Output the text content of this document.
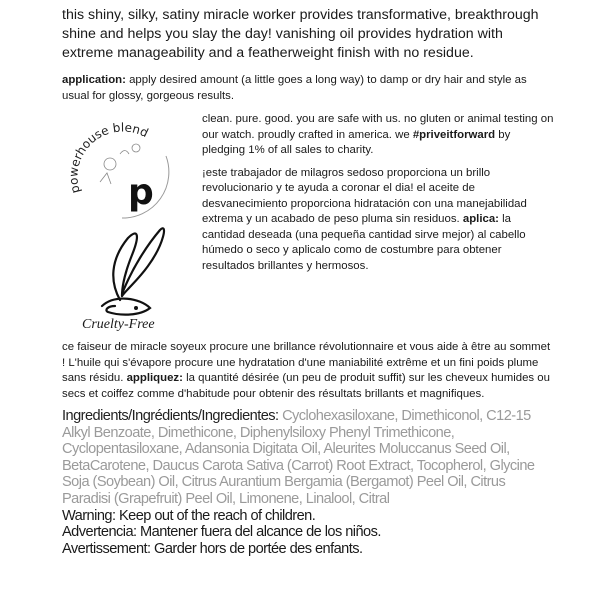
this shiny, silky, satiny miracle worker provides transformative, breakthrough shine and helps you slay the day! vanishing oil provides hydration with extreme manageability and a featherweight finish with no residue.

application: apply desired amount (a little goes a long way) to damp or dry hair and style as usual for glossy, gorgeous results.

powerhouse blend
p
Cruelty-Free

clean. pure. good. you are safe with us. no gluten or animal testing on our watch. proudly crafted in america. we #priveitforward by pledging 1% of all sales to charity.

¡este trabajador de milagros sedoso proporciona un brillo revolucionario y te ayuda a coronar el dia! el aceite de desvanecimiento proporciona hidratación con una manejabilidad extrema y un acabado de peso pluma sin residuos. aplica: la cantidad deseada (una pequeña cantidad sirve mejor) al cabello húmedo o seco y aplicalo como de costumbre para obtener resultados brillantes y hermosos.

ce faiseur de miracle soyeux procure une brillance révolutionnaire et vous aide à être au sommet ! L'huile qui s'évapore procure une hydratation d'une maniabilité extrême et un fini poids plume sans résidu. appliquez: la quantité désirée (un peu de produit suffit) sur les cheveux humides ou secs et coiffez comme d'habitude pour obtenir des résultats brillants et magnifiques.

Ingredients/Ingrédients/Ingredientes: Cyclohexasiloxane, Dimethiconol, C12-15 Alkyl Benzoate, Dimethicone, Diphenylsiloxy Phenyl Trimethicone, Cyclopentasiloxane, Adansonia Digitata Oil, Aleurites Moluccanus Seed Oil, BetaCarotene, Daucus Carota Sativa (Carrot) Root Extract, Tocopherol, Glycine Soja (Soybean) Oil, Citrus Aurantium Bergamia (Bergamot) Peel Oil, Citrus Paradisi (Grapefruit) Peel Oil, Limonene, Linalool, Citral
Warning: Keep out of the reach of children.
Advertencia: Mantener fuera del alcance de los niños.
Avertissement: Garder hors de portée des enfants.
